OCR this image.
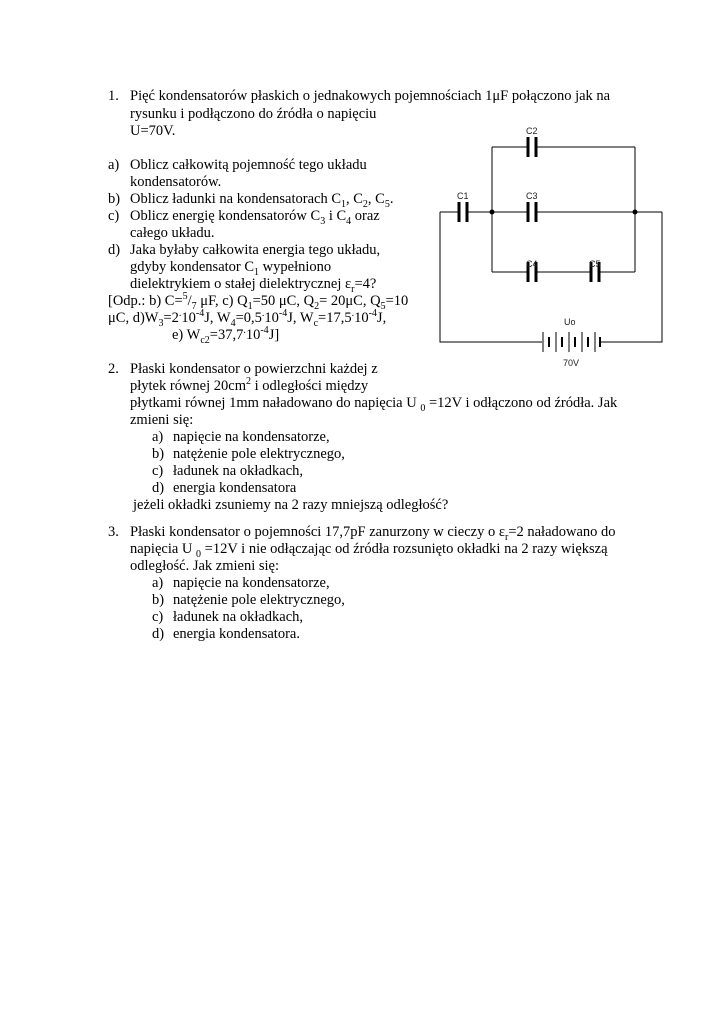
1. Pięć kondensatorów płaskich o jednakowych pojemnościach 1μF połączono jak na
rysunku i podłączono do źródła o napięciu
U=70V.
a) Oblicz całkowitą pojemność tego układu
kondensatorów.
b) Oblicz ładunki na kondensatorach $C_1$, $C_2$, $C_5$.
c) Oblicz energię kondensatorów $C_3$ i $C_4$ oraz
całego układu.
d) Jaka byłaby całkowita energia tego układu,
gdyby kondensator $C_1$ wypełniono
dielektrykiem o stałej dielektrycznej $\varepsilon_r=4$?
[Odp.: b) $C=^5/_7$ μF, c) $Q_1=50$ μC, $Q_2= 20\mu C$, $Q_5=10$
μC, $d)W_3=2^.10^{-4}J$, $W_4=0,5^.10^{-4}J$, $W_c=17,5^.10^{-4}J$,
e) $W_{c2}=37,7^.10^{-4}J$]
C2
C1	C3
C4	C5
Uo
70V
2. Płaski kondensator o powierzchni każdej z
płytek równej $20cm^2$ i odległości między
płytkami równej 1mm naładowano do napięcia U $_0$ =12V i odłączono od źródła. Jak
zmieni się:
a) napięcie na kondensatorze,
b) natężenie pole elektrycznego,
c) ładunek na okładkach,
d) energia kondensatora
jeżeli okładki zsuniemy na 2 razy mniejszą odległość?
3. Płaski kondensator o pojemności 17,7pF zanurzony w cieczy o $\varepsilon_r=2$ naładowano do
napięcia U $_0$ =12V i nie odłączając od źródła rozsunięto okładki na 2 razy większą
odległość. Jak zmieni się:
a) napięcie na kondensatorze,
b) natężenie pole elektrycznego,
c) ładunek na okładkach,
d) energia kondensatora.
